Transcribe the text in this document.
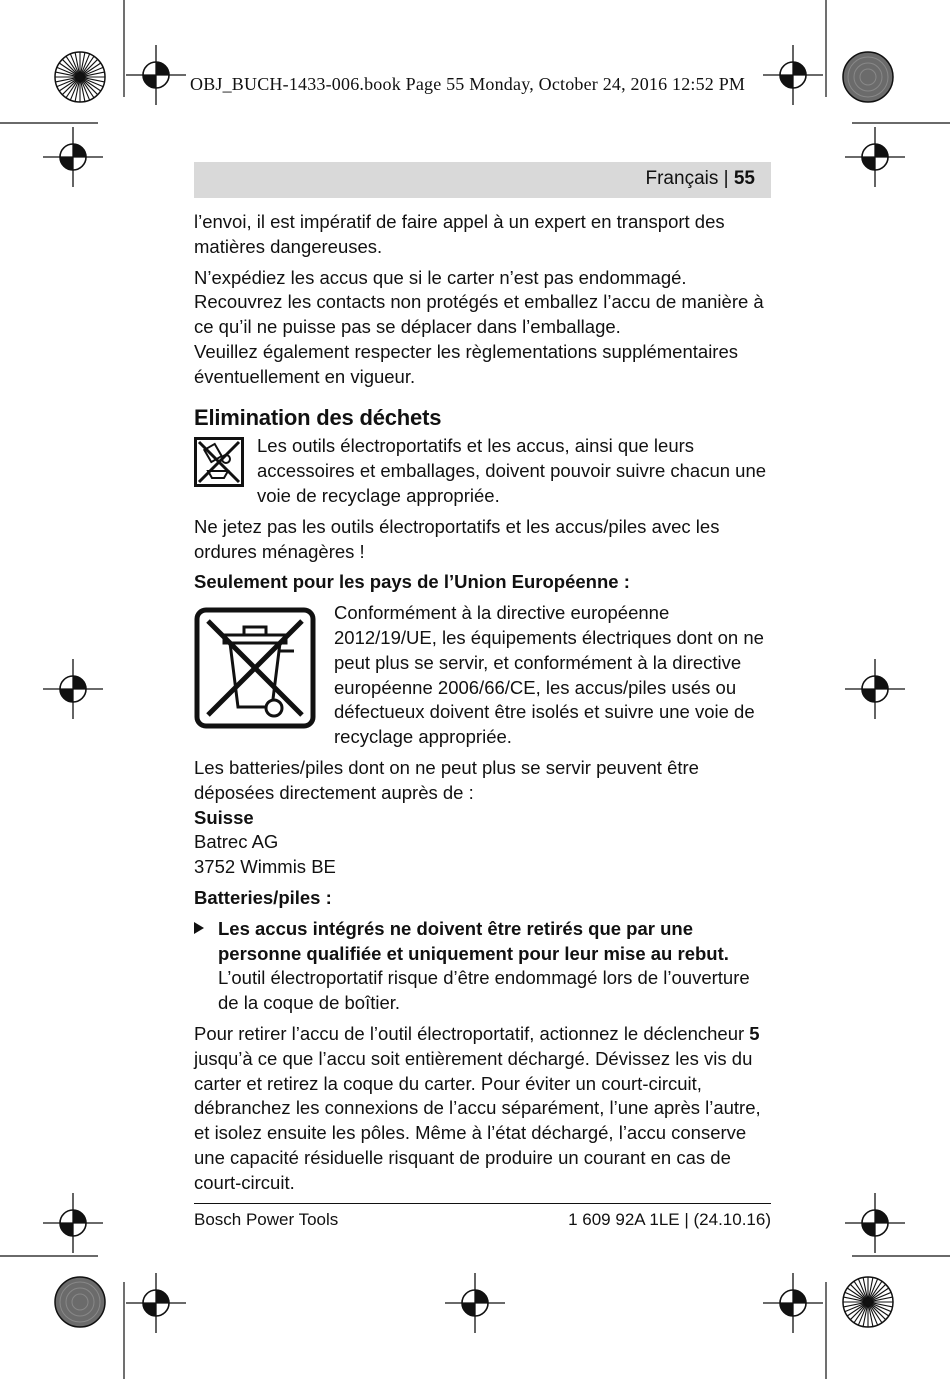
OBJ_BUCH-1433-006.book Page 55 Monday, October 24, 2016 12:52 PM
Français | 55

l’envoi, il est impératif de faire appel à un expert en transport des matières dangereuses.

N’expédiez les accus que si le carter n’est pas endommagé. Recouvrez les contacts non protégés et emballez l’accu de manière à ce qu’il ne puisse pas se déplacer dans l’emballage.

Veuillez également respecter les règlementations supplémentaires éventuellement en vigueur.

Elimination des déchets

Les outils électroportatifs et les accus, ainsi que leurs accessoires et emballages, doivent pouvoir suivre chacun une voie de recyclage appropriée.

Ne jetez pas les outils électroportatifs et les accus/piles avec les ordures ménagères !

Seulement pour les pays de l’Union Européenne :

Conformément à la directive européenne 2012/19/UE, les équipements électriques dont on ne peut plus se servir, et conformément à la directive européenne 2006/66/CE, les accus/piles usés ou défectueux doivent être isolés et suivre une voie de recyclage appropriée.

Les batteries/piles dont on ne peut plus se servir peuvent être déposées directement auprès de :

Suisse

Batrec AG

3752 Wimmis BE

Batteries/piles :

Les accus intégrés ne doivent être retirés que par une personne qualifiée et uniquement pour leur mise au rebut. L’outil électroportatif risque d’être endommagé lors de l’ouverture de la coque de boîtier.

Pour retirer l’accu de l’outil électroportatif, actionnez le déclencheur 5 jusqu’à ce que l’accu soit entièrement déchargé. Dévissez les vis du carter et retirez la coque du carter. Pour éviter un court-circuit, débranchez les connexions de l’accu séparément, l’une après l’autre, et isolez ensuite les pôles. Même à l’état déchargé, l’accu conserve une capacité résiduelle risquant de produire un courant en cas de court-circuit.

Bosch Power Tools	1 609 92A 1LE | (24.10.16)
